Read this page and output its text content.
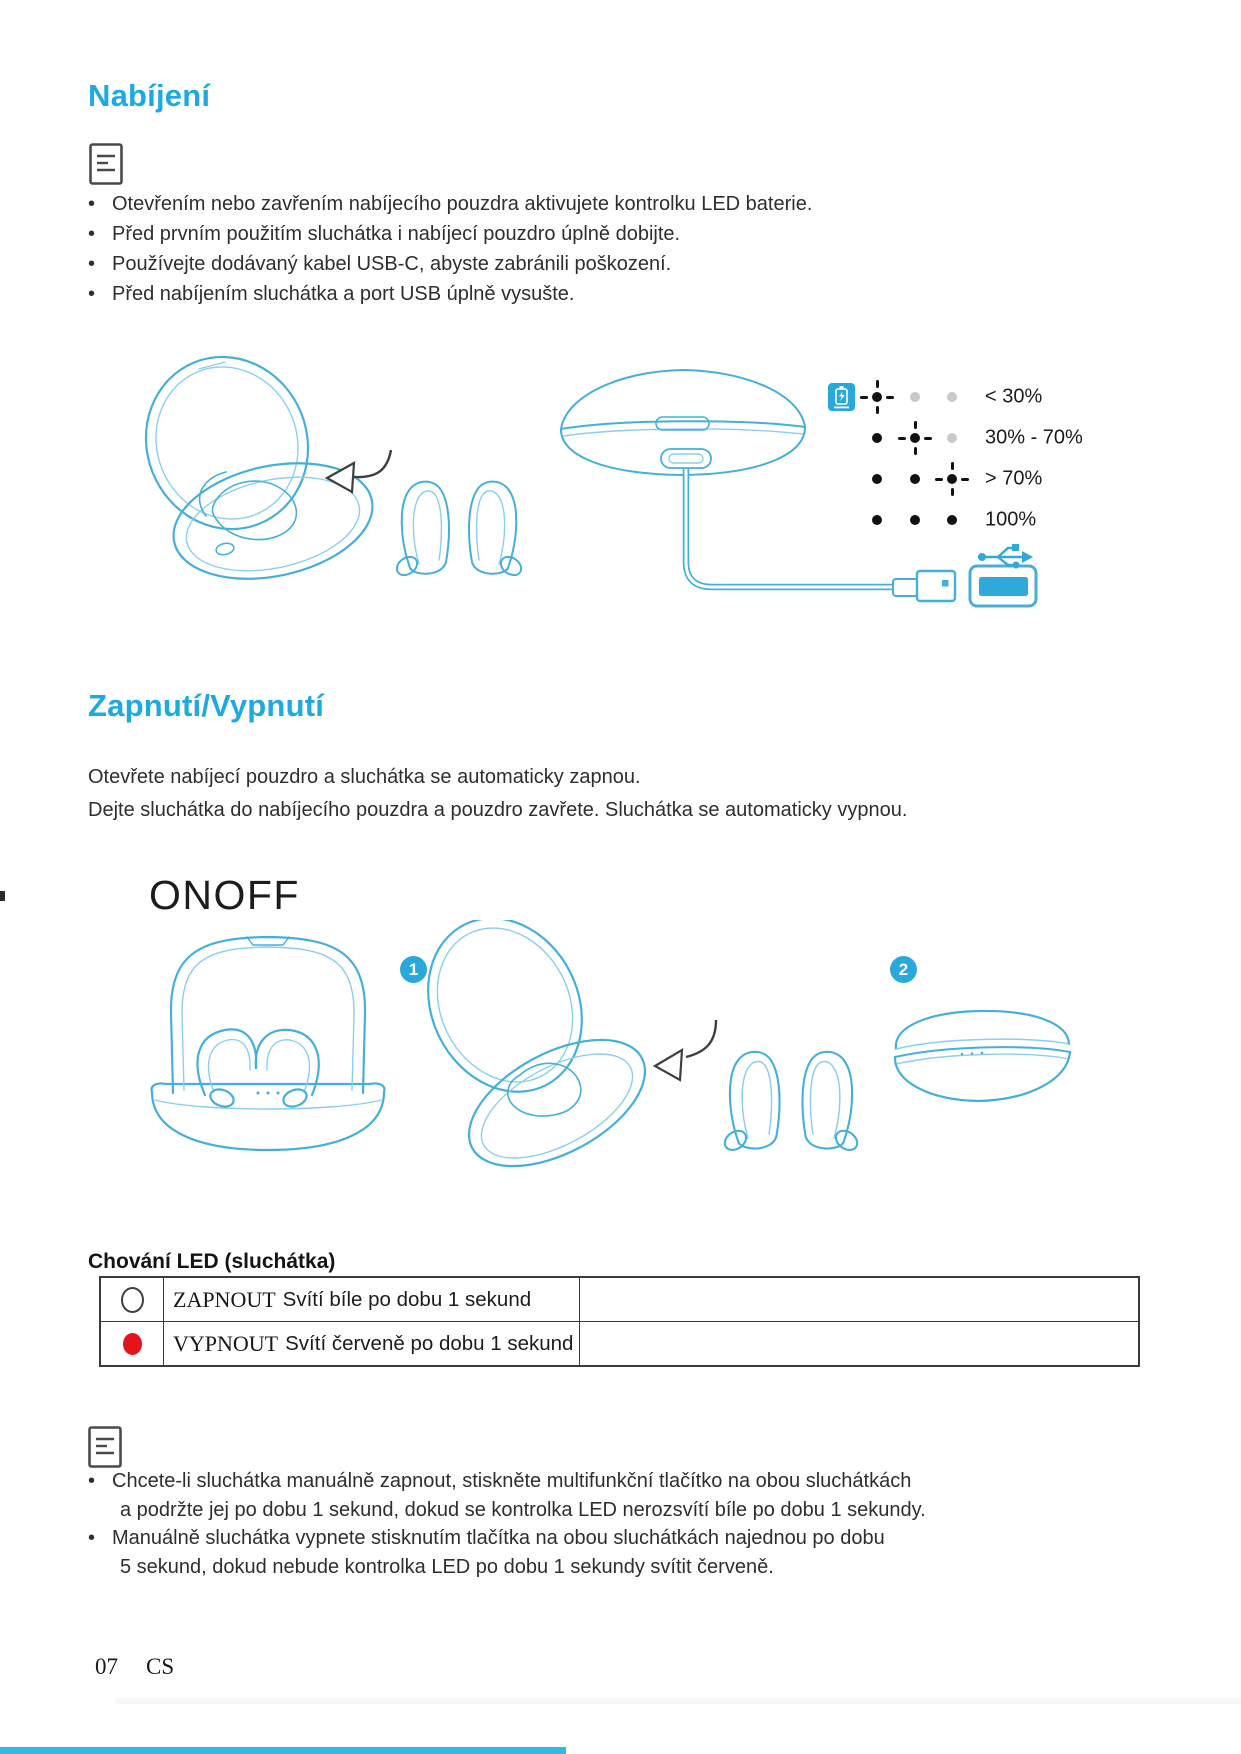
Nabíjení
• Otevřením nebo zavřením nabíjecího pouzdra aktivujete kontrolku LED baterie.
• Před prvním použitím sluchátka i nabíjecí pouzdro úplně dobijte.
• Používejte dodávaný kabel USB-C, abyste zabránili poškození.
• Před nabíjením sluchátka a port USB úplně vysušte.
< 30%
30% - 70%
> 70%
100%
Zapnutí/Vypnutí
Otevřete nabíjecí pouzdro a sluchátka se automaticky zapnou.
Dejte sluchátka do nabíjecího pouzdra a pouzdro zavřete. Sluchátka se automaticky vypnou.
ONOFF
1	2
Chování LED (sluchátka)
ZAPNOUT Svítí bíle po dobu 1 sekund
VYPNOUT Svítí červeně po dobu 1 sekund
• Chcete-li sluchátka manuálně zapnout, stiskněte multifunkční tlačítko na obou sluchátkách
a podržte jej po dobu 1 sekund, dokud se kontrolka LED nerozsvítí bíle po dobu 1 sekundy.
• Manuálně sluchátka vypnete stisknutím tlačítka na obou sluchátkách najednou po dobu
5 sekund, dokud nebude kontrolka LED po dobu 1 sekundy svítit červeně.
07 CS
